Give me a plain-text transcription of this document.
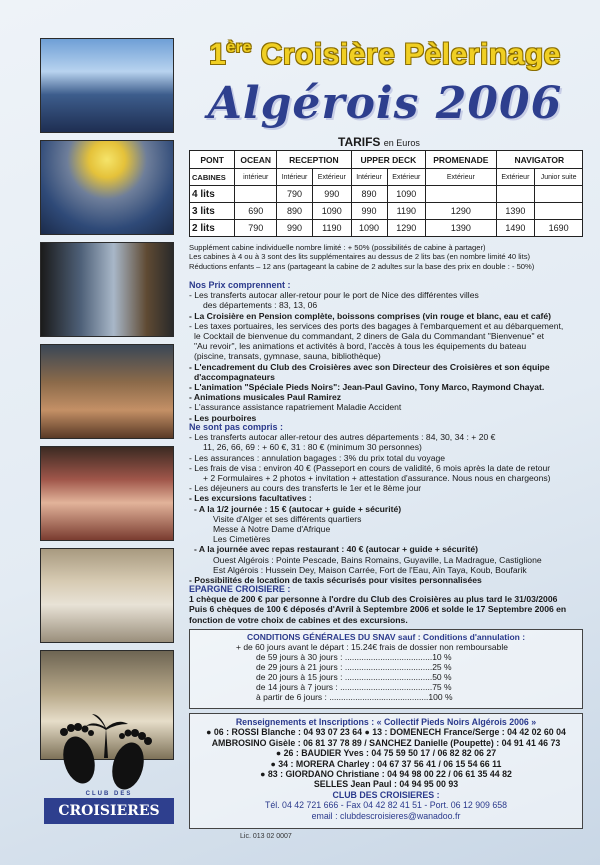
CLUB DES
CROISIERES
1ère Croisière Pèlerinage
Algérois 2006
TARIFS en Euros
PONT	OCEAN	RECEPTION		UPPER DECK		PROMENADE	NAVIGATOR	
CABINES	intérieur	Intérieur	Extérieur	Intérieur	Extérieur	Extérieur	Extérieur	Junior suite
4 lits		790	990	890	1090			
3 lits	690	890	1090	990	1190	1290	1390	
2 lits	790	990	1190	1090	1290	1390	1490	1690
Supplément cabine individuelle nombre limité : + 50% (possibilités de cabine à partager)
Les cabines à 4 ou à 3 sont des lits supplémentaires au dessus de 2 lits bas (en nombre limité 40 lits)
Réductions enfants – 12 ans (partageant la cabine de 2 adultes sur la base des prix en double : - 50%)
Nos Prix comprennent :
- Les transferts autocar aller-retour pour le port de Nice des différentes villes
des départements : 83, 13, 06
- La Croisière en Pension complète, boissons comprises (vin rouge et blanc, eau et café)
- Les taxes portuaires, les services des ports des bagages à l'embarquement et au débarquement,
le Cocktail de bienvenue du commandant, 2 diners de Gala du Commandant "Bienvenue" et
"Au revoir", les animations et activités à bord, l'accès à tous les équipements du bateau
(piscine, transats, gymnase, sauna, bibliothèque)
- L'encadrement du Club des Croisières avec son Directeur des Croisières et son équipe
d'accompagnateurs
- L'animation "Spéciale Pieds Noirs": Jean-Paul Gavino, Tony Marco, Raymond Chayat.
- Animations musicales Paul Ramirez
- L'assurance assistance rapatriement Maladie Accident
- Les pourboires
Ne sont pas compris :
- Les transferts autocar aller-retour des autres départements : 84, 30, 34 : + 20 €
11, 26, 66, 69 : + 60 €, 31 : 80 € (minimum 30 personnes)
- Les assurances : annulation bagages : 3% du prix total du voyage
- Les frais de visa : environ 40 € (Passeport en cours de validité, 6 mois après la date de retour
+ 2 Formulaires + 2 photos + invitation + attestation d'assurance. Nous nous en chargeons)
- Les déjeuners au cours des transferts le 1er et le 8ème jour
- Les excursions facultatives :
- A la 1/2 journée : 15 € (autocar + guide + sécurité)
Visite d'Alger et ses différents quartiers
Messe à Notre Dame d'Afrique
Les Cimetières
- A la journée avec repas restaurant : 40 € (autocar + guide + sécurité)
Ouest Algérois : Pointe Pescade, Bains Romains, Guyaville, La Madrague, Castiglione
Est Algérois : Hussein Dey, Maison Carrée, Fort de l'Eau, Aïn Taya, Koub, Boufarik
- Possibilités de location de taxis sécurisés pour visites personnalisées
EPARGNE CROISIERE :
1 chèque de 200 € par personne à l'ordre du Club des Croisières au plus tard le 31/03/2006
Puis 6 chèques de 100 € déposés d'Avril à Septembre 2006 et solde le 17 Septembre 2006 en
fonction de votre choix de cabines et des excursions.
CONDITIONS GÉNÉRALES DU SNAV sauf : Conditions d'annulation :
+ de 60 jours avant le départ : 15.24€ frais de dossier non remboursable
de 59 jours à 30 jours : .....................................10 %
de 29 jours à 21 jours : .....................................25 %
de 20 jours à 15 jours : .....................................50 %
de 14 jours à 7 jours : .......................................75 %
à partir de 6 jours : ..........................................100 %
Renseignements et Inscriptions : « Collectif Pieds Noirs Algérois 2006 »
● 06 : ROSSI Blanche : 04 93 07 23 64 ● 13 : DOMENECH France/Serge : 04 42 02 60 04
AMBROSINO Gisèle : 06 81 37 78 89 / SANCHEZ Danielle (Poupette) : 04 91 41 46 73
● 26 : BAUDIER Yves : 04 75 59 50 17 / 06 82 82 06 27
● 34 : MORERA Charley : 04 67 37 56 41 / 06 15 54 66 11
● 83 : GIORDANO Christiane : 04 94 98 00 22 / 06 61 35 44 82
SELLES Jean Paul : 04 94 95 00 93
CLUB DES CROISIERES :
Tél. 04 42 721 666 - Fax 04 42 82 41 51 - Port. 06 12 909 658
email : clubdescroisieres@wanadoo.fr
Lic. 013 02 0007
